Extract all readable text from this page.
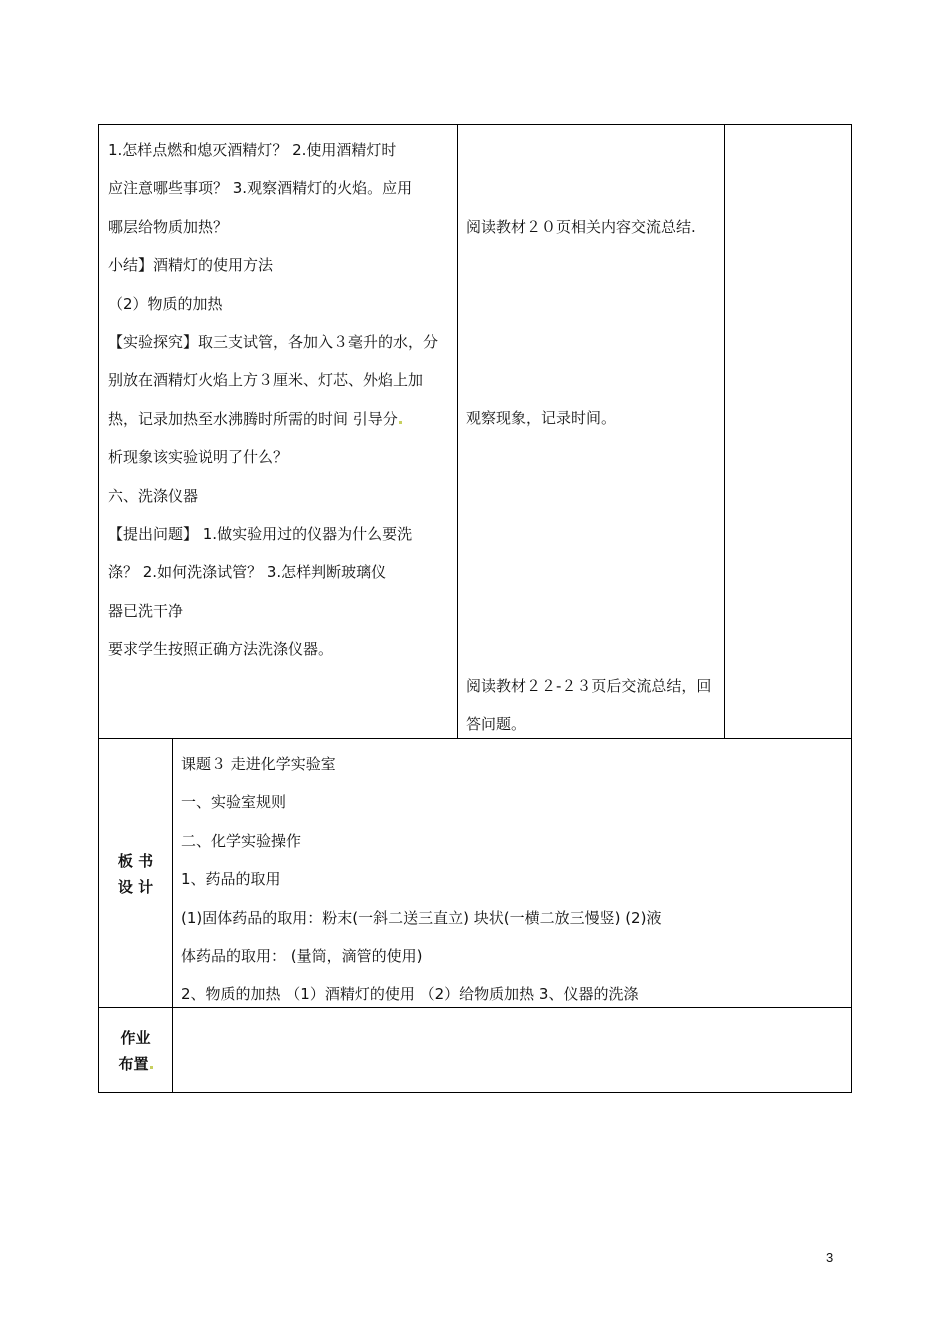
1.怎样点燃和熄灭酒精灯？ 2.使用酒精灯时
应注意哪些事项？ 3.观察酒精灯的火焰。应用
哪层给物质加热？
小结】酒精灯的使用方法
（2）物质的加热
【实验探究】取三支试管，各加入３毫升的水，分
别放在酒精灯火焰上方３厘米、灯芯、外焰上加
热，记录加热至水沸腾时所需的时间 引导分
析现象该实验说明了什么？
六、洗涤仪器
【提出问题】 1.做实验用过的仪器为什么要洗
涤？ 2.如何洗涤试管？ 3.怎样判断玻璃仪
器已洗干净
要求学生按照正确方法洗涤仪器。
阅读教材２０页相关内容交流总结.
观察现象，记录时间。
阅读教材２２-２３页后交流总结，回
答问题。
板 书
设 计
课题３ 走进化学实验室
一、实验室规则
二、化学实验操作
1、药品的取用
(1)固体药品的取用：粉末(一斜二送三直立) 块状(一横二放三慢竖) (2)液
体药品的取用： (量筒，滴管的使用)
2、物质的加热 （1）酒精灯的使用 （2）给物质加热 3、仪器的洗涤
作业
布置
3
